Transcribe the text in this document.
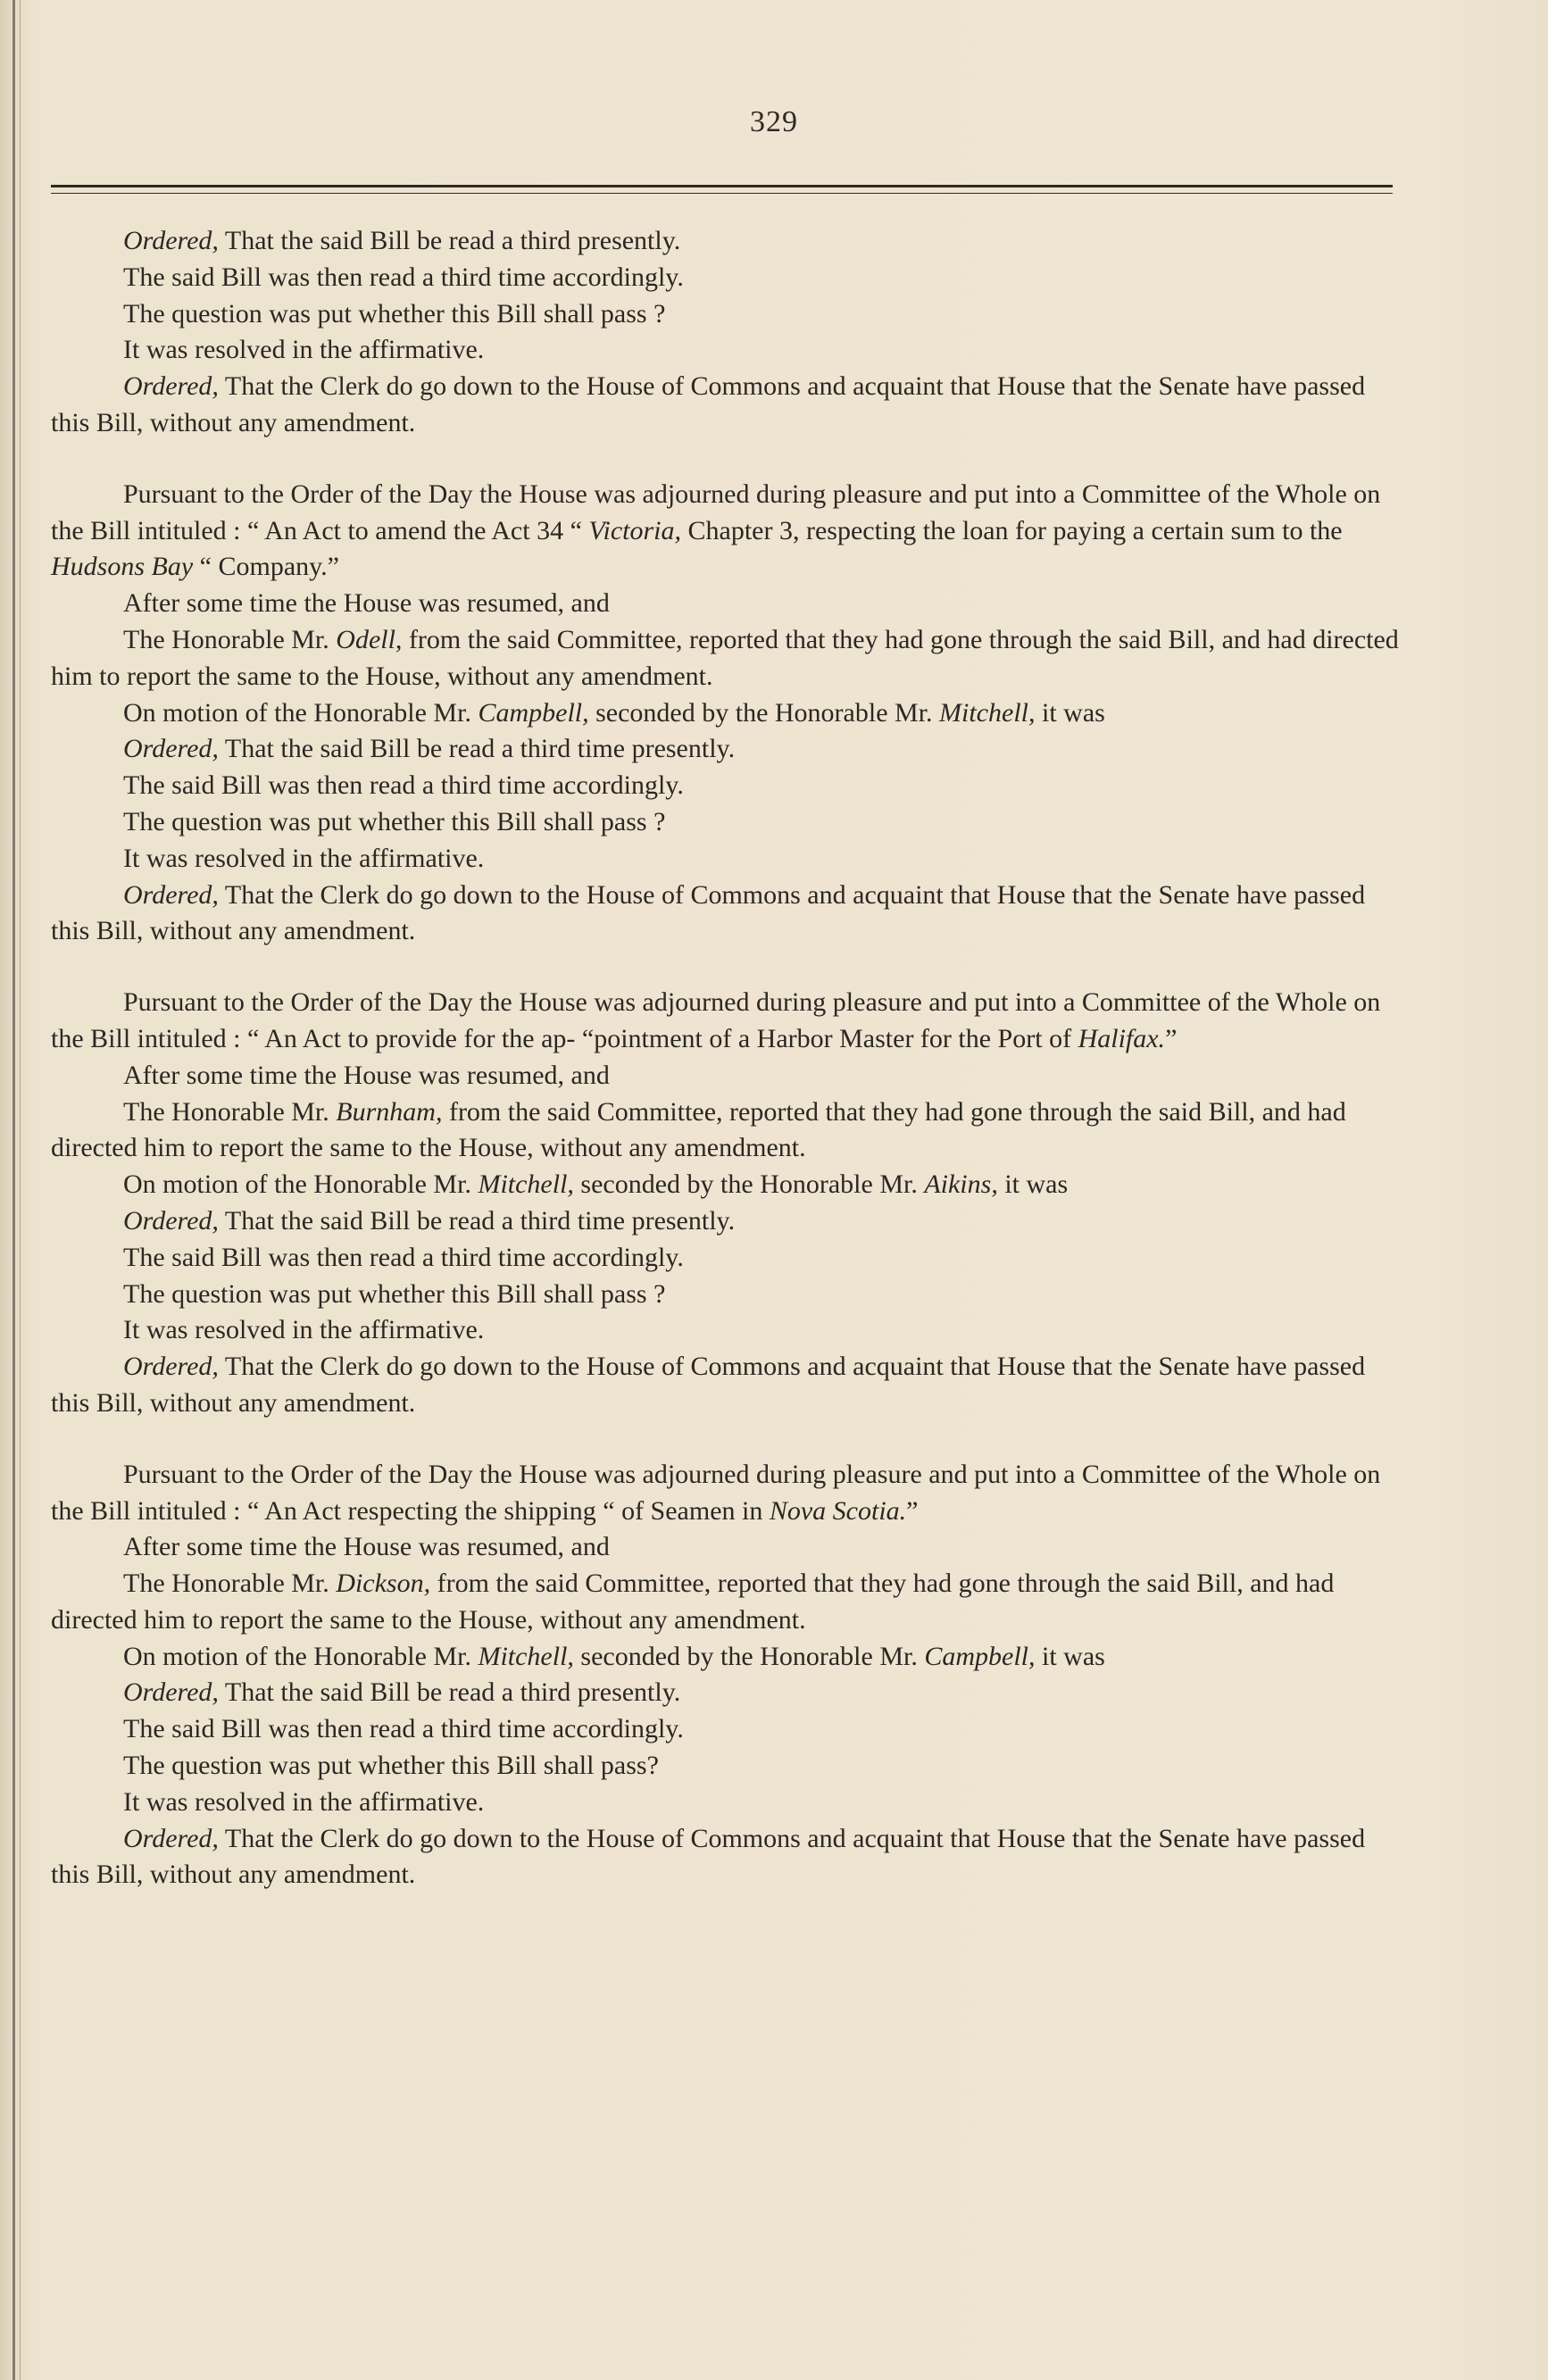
329

Ordered, That the said Bill be read a third presently.

The said Bill was then read a third time accordingly.

The question was put whether this Bill shall pass ?

It was resolved in the affirmative.

Ordered, That the Clerk do go down to the House of Commons and acquaint that House that the Senate have passed this Bill, without any amendment.

Pursuant to the Order of the Day the House was adjourned during pleasure and put into a Committee of the Whole on the Bill intituled : “ An Act to amend the Act 34 “ Victoria, Chapter 3, respecting the loan for paying a certain sum to the Hudsons Bay “ Company.”

After some time the House was resumed, and

The Honorable Mr. Odell, from the said Committee, reported that they had gone through the said Bill, and had directed him to report the same to the House, without any amendment.

On motion of the Honorable Mr. Campbell, seconded by the Honorable Mr. Mitchell, it was

Ordered, That the said Bill be read a third time presently.

The said Bill was then read a third time accordingly.

The question was put whether this Bill shall pass ?

It was resolved in the affirmative.

Ordered, That the Clerk do go down to the House of Commons and acquaint that House that the Senate have passed this Bill, without any amendment.

Pursuant to the Order of the Day the House was adjourned during pleasure and put into a Committee of the Whole on the Bill intituled : “ An Act to provide for the ap- “pointment of a Harbor Master for the Port of Halifax.”

After some time the House was resumed, and

The Honorable Mr. Burnham, from the said Committee, reported that they had gone through the said Bill, and had directed him to report the same to the House, without any amendment.

On motion of the Honorable Mr. Mitchell, seconded by the Honorable Mr. Aikins, it was

Ordered, That the said Bill be read a third time presently.

The said Bill was then read a third time accordingly.

The question was put whether this Bill shall pass ?

It was resolved in the affirmative.

Ordered, That the Clerk do go down to the House of Commons and acquaint that House that the Senate have passed this Bill, without any amendment.

Pursuant to the Order of the Day the House was adjourned during pleasure and put into a Committee of the Whole on the Bill intituled : “ An Act respecting the shipping “ of Seamen in Nova Scotia.”

After some time the House was resumed, and

The Honorable Mr. Dickson, from the said Committee, reported that they had gone through the said Bill, and had directed him to report the same to the House, without any amendment.

On motion of the Honorable Mr. Mitchell, seconded by the Honorable Mr. Campbell, it was

Ordered, That the said Bill be read a third presently.

The said Bill was then read a third time accordingly.

The question was put whether this Bill shall pass?

It was resolved in the affirmative.

Ordered, That the Clerk do go down to the House of Commons and acquaint that House that the Senate have passed this Bill, without any amendment.
